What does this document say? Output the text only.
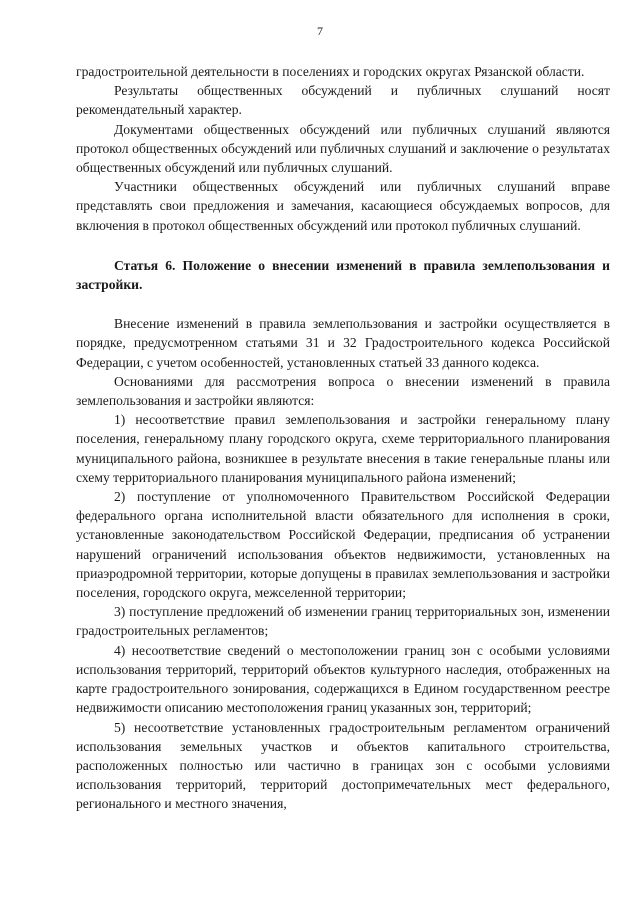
7

градостроительной деятельности в поселениях и городских округах Рязанской области.

Результаты общественных обсуждений и публичных слушаний носят рекомендательный характер.

Документами общественных обсуждений или публичных слушаний являются протокол общественных обсуждений или публичных слушаний и заключение о результатах общественных обсуждений или публичных слушаний.

Участники общественных обсуждений или публичных слушаний вправе представлять свои предложения и замечания, касающиеся обсуждаемых вопросов, для включения в протокол общественных обсуждений или протокол публичных слушаний.

Статья 6. Положение о внесении изменений в правила землепользования и застройки.

Внесение изменений в правила землепользования и застройки осуществляется в порядке, предусмотренном статьями 31 и 32 Градостроительного кодекса Российской Федерации, с учетом особенностей, установленных статьей 33 данного кодекса.

Основаниями для рассмотрения вопроса о внесении изменений в правила землепользования и застройки являются:

1) несоответствие правил землепользования и застройки генеральному плану поселения, генеральному плану городского округа, схеме территориального планирования муниципального района, возникшее в результате внесения в такие генеральные планы или схему территориального планирования муниципального района изменений;

2) поступление от уполномоченного Правительством Российской Федерации федерального органа исполнительной власти обязательного для исполнения в сроки, установленные законодательством Российской Федерации, предписания об устранении нарушений ограничений использования объектов недвижимости, установленных на приаэродромной территории, которые допущены в правилах землепользования и застройки поселения, городского округа, межселенной территории;

3) поступление предложений об изменении границ территориальных зон, изменении градостроительных регламентов;

4) несоответствие сведений о местоположении границ зон с особыми условиями использования территорий, территорий объектов культурного наследия, отображенных на карте градостроительного зонирования, содержащихся в Едином государственном реестре недвижимости описанию местоположения границ указанных зон, территорий;

5) несоответствие установленных градостроительным регламентом ограничений использования земельных участков и объектов капитального строительства, расположенных полностью или частично в границах зон с особыми условиями использования территорий, территорий достопримечательных мест федерального, регионального и местного значения,
